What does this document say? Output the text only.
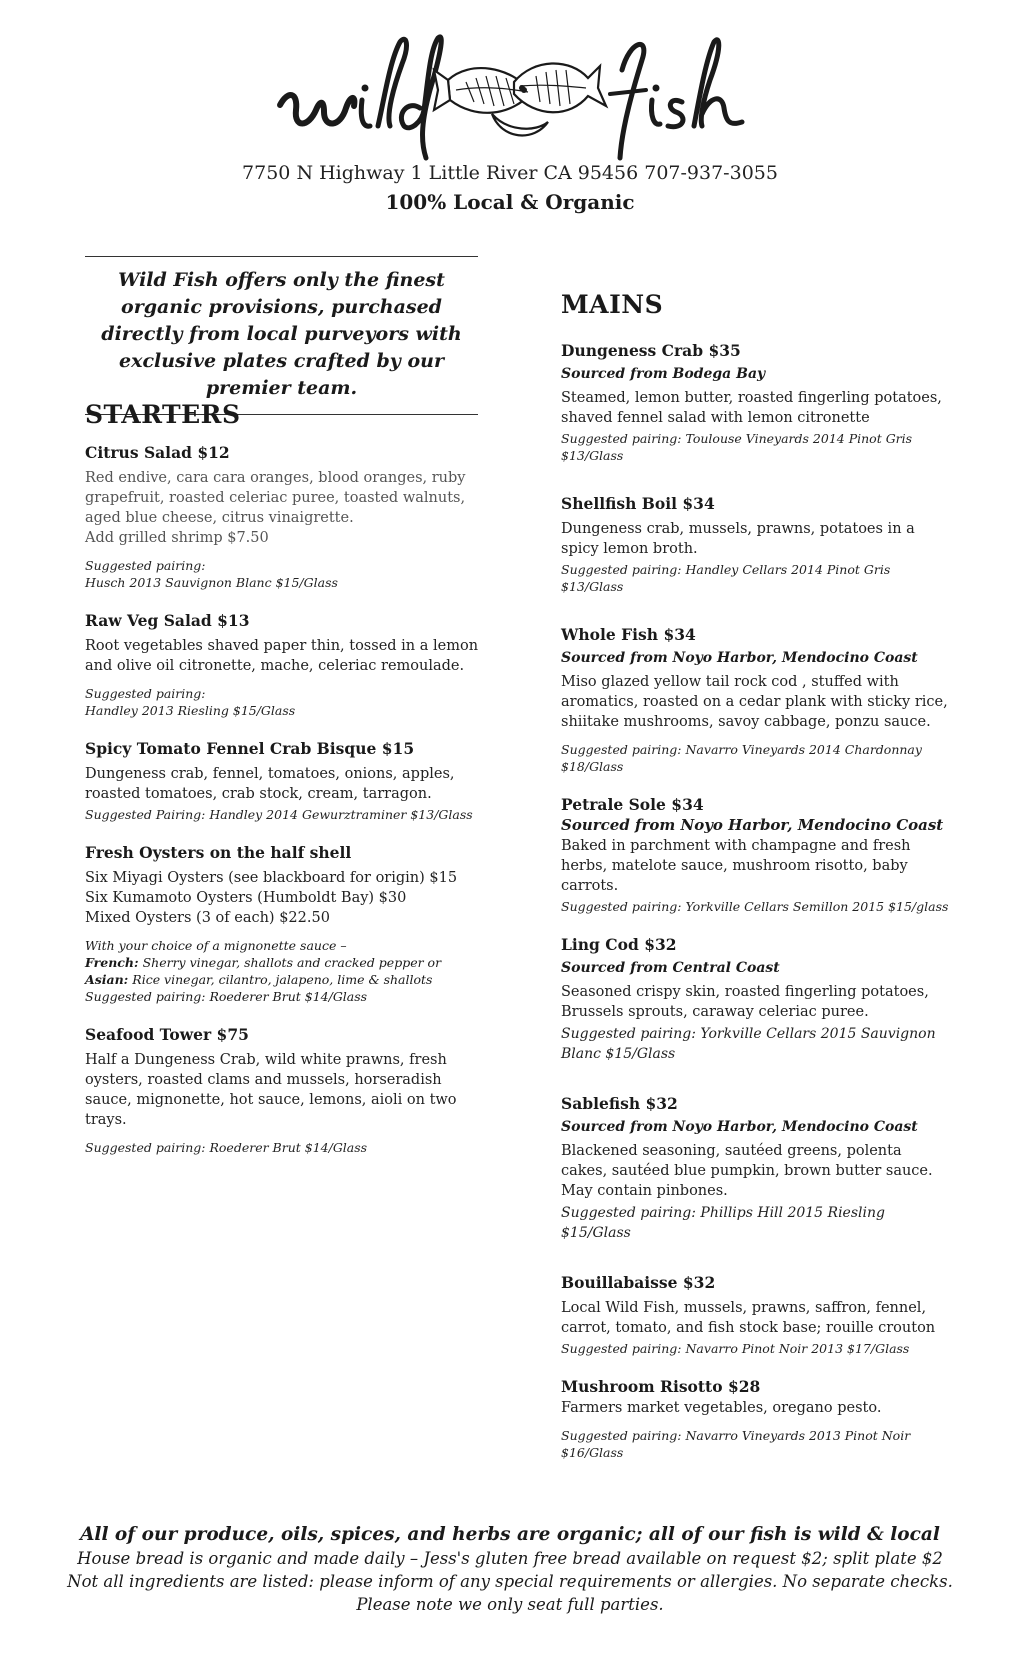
7750 N Highway 1 Little River CA 95456 707-937-3055
100% Local & Organic
Wild Fish offers only the finest organic provisions, purchased directly from local purveyors with exclusive plates crafted by our premier team.
STARTERS
Citrus Salad $12
Red endive, cara cara oranges, blood oranges, ruby grapefruit, roasted celeriac puree, toasted walnuts, aged blue cheese, citrus vinaigrette.
Add grilled shrimp $7.50
Suggested pairing:
Husch 2013 Sauvignon Blanc $15/Glass
Raw Veg Salad $13
Root vegetables shaved paper thin, tossed in a lemon and olive oil citronette, mache, celeriac remoulade.
Suggested pairing:
Handley 2013 Riesling $15/Glass
Spicy Tomato Fennel Crab Bisque $15
Dungeness crab, fennel, tomatoes, onions, apples, roasted tomatoes, crab stock, cream, tarragon.
Suggested Pairing: Handley 2014 Gewurztraminer $13/Glass
Fresh Oysters on the half shell
Six Miyagi Oysters (see blackboard for origin) $15
Six Kumamoto Oysters (Humboldt Bay) $30
Mixed Oysters (3 of each) $22.50
With your choice of a mignonette sauce –
French: Sherry vinegar, shallots and cracked pepper or
Asian: Rice vinegar, cilantro, jalapeno, lime & shallots
Suggested pairing: Roederer Brut $14/Glass
Seafood Tower $75
Half a Dungeness Crab, wild white prawns, fresh oysters, roasted clams and mussels, horseradish sauce, mignonette, hot sauce, lemons, aioli on two trays.
Suggested pairing: Roederer Brut $14/Glass
MAINS
Dungeness Crab $35
Sourced from Bodega Bay
Steamed, lemon butter, roasted fingerling potatoes, shaved fennel salad with lemon citronette
Suggested pairing: Toulouse Vineyards 2014 Pinot Gris $13/Glass
Shellfish Boil $34
Dungeness crab, mussels, prawns, potatoes in a spicy lemon broth.
Suggested pairing: Handley Cellars 2014 Pinot Gris $13/Glass
Whole Fish $34
Sourced from Noyo Harbor, Mendocino Coast
Miso glazed yellow tail rock cod , stuffed with aromatics, roasted on a cedar plank with sticky rice, shiitake mushrooms, savoy cabbage, ponzu sauce.
Suggested pairing: Navarro Vineyards 2014 Chardonnay $18/Glass
Petrale Sole $34
Sourced from Noyo Harbor, Mendocino Coast
Baked in parchment with champagne and fresh herbs, matelote sauce, mushroom risotto, baby carrots.
Suggested pairing: Yorkville Cellars Semillon 2015 $15/glass
Ling Cod $32
Sourced from Central Coast
Seasoned crispy skin, roasted fingerling potatoes, Brussels sprouts, caraway celeriac puree.
Suggested pairing: Yorkville Cellars 2015 Sauvignon Blanc $15/Glass
Sablefish $32
Sourced from Noyo Harbor, Mendocino Coast
Blackened seasoning, sautéed greens, polenta cakes, sautéed blue pumpkin, brown butter sauce. May contain pinbones.
Suggested pairing: Phillips Hill 2015 Riesling $15/Glass
Bouillabaisse $32
Local Wild Fish, mussels, prawns, saffron, fennel, carrot, tomato, and fish stock base; rouille crouton
Suggested pairing: Navarro Pinot Noir 2013 $17/Glass
Mushroom Risotto $28
Farmers market vegetables, oregano pesto.
Suggested pairing: Navarro Vineyards 2013 Pinot Noir $16/Glass
All of our produce, oils, spices, and herbs are organic; all of our fish is wild & local
House bread is organic and made daily – Jess's gluten free bread available on request $2; split plate $2
Not all ingredients are listed: please inform of any special requirements or allergies. No separate checks.
Please note we only seat full parties.
